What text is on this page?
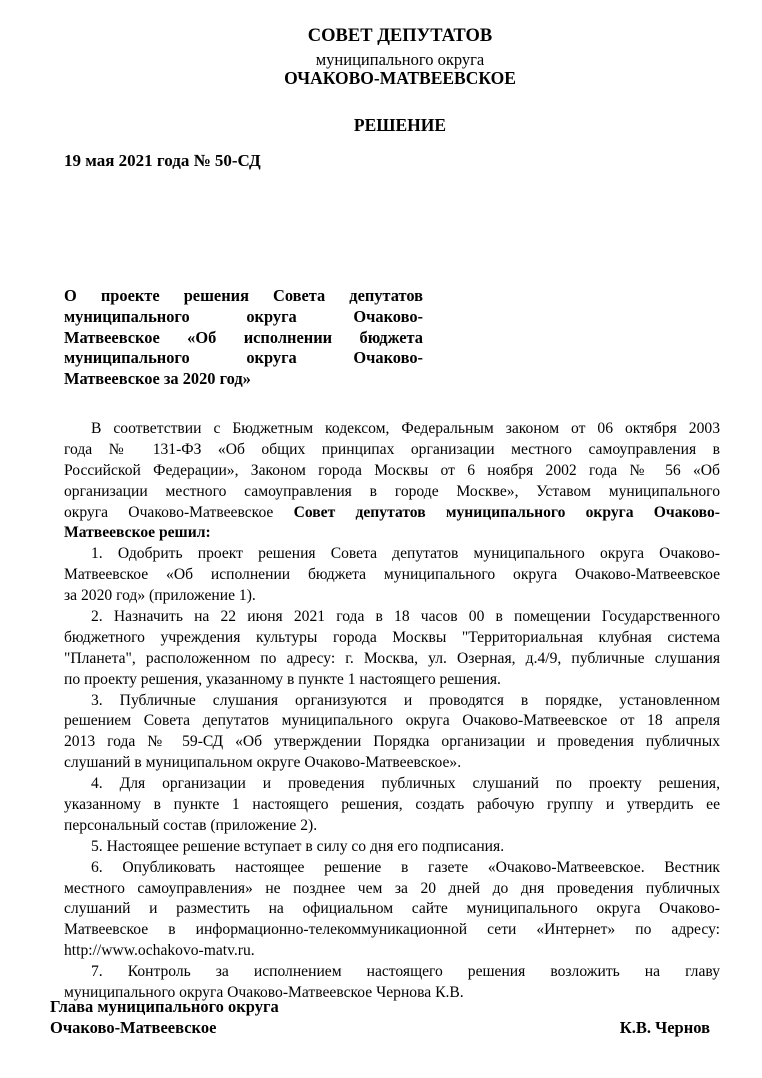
СОВЕТ ДЕПУТАТОВ
муниципального округа
ОЧАКОВО-МАТВЕЕВСКОЕ
РЕШЕНИЕ
19 мая 2021 года № 50-СД
О проекте решения Совета депутатов
муниципального округа Очаково-
Матвеевское «Об исполнении бюджета
муниципального округа Очаково-
Матвеевское за 2020 год»
В соответствии с Бюджетным кодексом, Федеральным законом от 06 октября 2003
года № 131-ФЗ «Об общих принципах организации местного самоуправления в
Российской Федерации», Законом города Москвы от 6 ноября 2002 года № 56 «Об
организации местного самоуправления в городе Москве», Уставом муниципального
округа Очаково-Матвеевское Совет депутатов муниципального округа Очаково-
Матвеевское решил:
1. Одобрить проект решения Совета депутатов муниципального округа Очаково-
Матвеевское «Об исполнении бюджета муниципального округа Очаково-Матвеевское
за 2020 год» (приложение 1).
2. Назначить на 22 июня 2021 года в 18 часов 00 в помещении Государственного
бюджетного учреждения культуры города Москвы "Территориальная клубная система
"Планета", расположенном по адресу: г. Москва, ул. Озерная, д.4/9, публичные слушания
по проекту решения, указанному в пункте 1 настоящего решения.
3. Публичные слушания организуются и проводятся в порядке, установленном
решением Совета депутатов муниципального округа Очаково-Матвеевское от 18 апреля
2013 года № 59-СД «Об утверждении Порядка организации и проведения публичных
слушаний в муниципальном округе Очаково-Матвеевское».
4. Для организации и проведения публичных слушаний по проекту решения,
указанному в пункте 1 настоящего решения, создать рабочую группу и утвердить ее
персональный состав (приложение 2).
5. Настоящее решение вступает в силу со дня его подписания.
6. Опубликовать настоящее решение в газете «Очаково-Матвеевское. Вестник
местного самоуправления» не позднее чем за 20 дней до дня проведения публичных
слушаний и разместить на официальном сайте муниципального округа Очаково-
Матвеевское в информационно-телекоммуникационной сети «Интернет» по адресу:
http://www.ochakovo-matv.ru.
7. Контроль за исполнением настоящего решения возложить на главу
муниципального округа Очаково-Матвеевское Чернова К.В.
Глава муниципального округа
Очаково-Матвеевское	К.В. Чернов
